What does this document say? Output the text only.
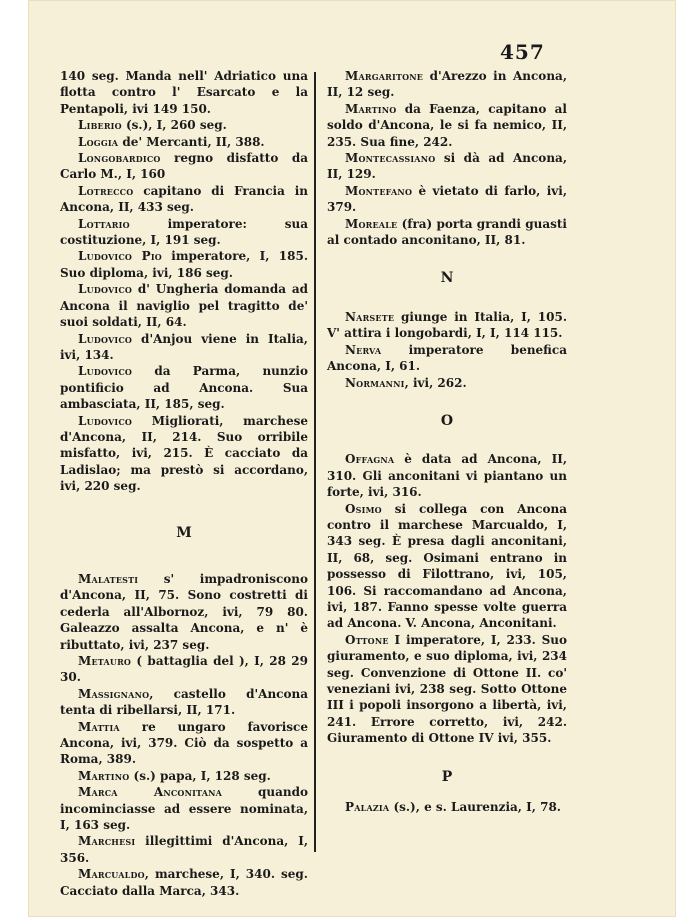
457

140 seg. Manda nell' Adriatico una flotta contro l' Esarcato e la Pentapoli, ivi 149 150.

Liberio (s.), I, 260 seg.

Loggia de' Mercanti, II, 388.

Longobardico regno disfatto da Carlo M., I, 160

Lotrecco capitano di Francia in Ancona, II, 433 seg.

Lottario imperatore: sua costituzione, I, 191 seg.

Ludovico Pio imperatore, I, 185. Suo diploma, ivi, 186 seg.

Ludovico d' Ungheria domanda ad Ancona il naviglio pel tragitto de' suoi soldati, II, 64.

Ludovico d'Anjou viene in Italia, ivi, 134.

Ludovico da Parma, nunzio pontificio ad Ancona. Sua ambasciata, II, 185, seg.

Ludovico Migliorati, marchese d'Ancona, II, 214. Suo orribile misfatto, ivi, 215. È cacciato da Ladislao; ma prestò si accordano, ivi, 220 seg.

M

Malatesti s' impadroniscono d'Ancona, II, 75. Sono costretti di cederla all'Albornoz, ivi, 79 80. Galeazzo assalta Ancona, e n' è ributtato, ivi, 237 seg.

Metauro ( battaglia del ), I, 28 29 30.

Massignano, castello d'Ancona tenta di ribellarsi, II, 171.

Mattia re ungaro favorisce Ancona, ivi, 379. Ciò da sospetto a Roma, 389.

Martino (s.) papa, I, 128 seg.

Marca Anconitana quando incominciasse ad essere nominata, I, 163 seg.

Marchesi illegittimi d'Ancona, I, 356.

Marcualdo, marchese, I, 340. seg. Cacciato dalla Marca, 343.

Margaritone d'Arezzo in Ancona, II, 12 seg.

Martino da Faenza, capitano al soldo d'Ancona, le si fa nemico, II, 235. Sua fine, 242.

Montecassiano si dà ad Ancona, II, 129.

Montefano è vietato di farlo, ivi, 379.

Moreale (fra) porta grandi guasti al contado anconitano, II, 81.

N

Narsete giunge in Italia, I, 105. V' attira i longobardi, I, I, 114 115.

Nerva imperatore benefica Ancona, I, 61.

Normanni, ivi, 262.

O

Offagna è data ad Ancona, II, 310. Gli anconitani vi piantano un forte, ivi, 316.

Osimo si collega con Ancona contro il marchese Marcualdo, I, 343 seg. È presa dagli anconitani, II, 68, seg. Osimani entrano in possesso di Filottrano, ivi, 105, 106. Si raccomandano ad Ancona, ivi, 187. Fanno spesse volte guerra ad Ancona. V. Ancona, Anconitani.

Ottone I imperatore, I, 233. Suo giuramento, e suo diploma, ivi, 234 seg. Convenzione di Ottone II. co' veneziani ivi, 238 seg. Sotto Ottone III i popoli insorgono a libertà, ivi, 241. Errore corretto, ivi, 242. Giuramento di Ottone IV ivi, 355.

P

Palazia (s.), e s. Laurenzia, I, 78.
